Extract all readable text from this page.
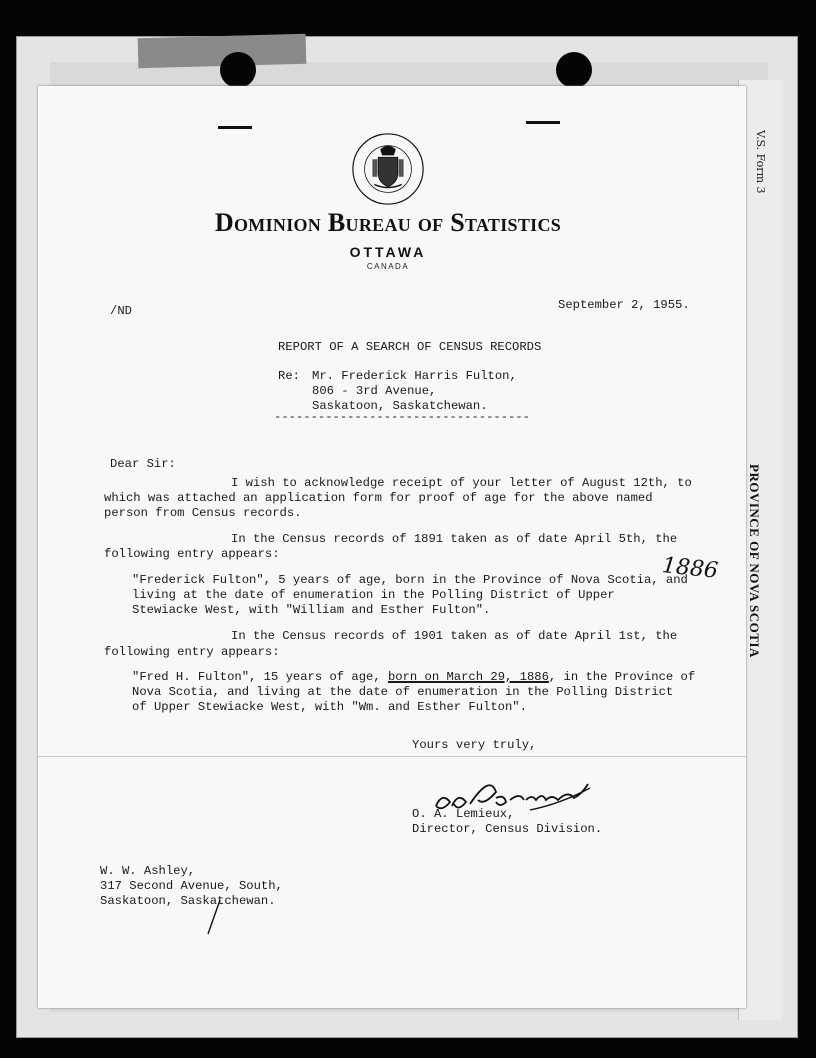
V.S. Form 3
PROVINCE OF NOVA SCOTIA
Dominion Bureau of Statistics
OTTAWA
CANADA
/ND	September 2, 1955.
REPORT OF A SEARCH OF CENSUS RECORDS
Re: Mr. Frederick Harris Fulton,
806 - 3rd Avenue,
Saskatoon, Saskatchewan.
-----------------------------------
Dear Sir:
I wish to acknowledge receipt of your letter of August 12th, to
which was attached an application form for proof of age for the above named
person from Census records.
In the Census records of 1891 taken as of date April 5th, the
following entry appears:
"Frederick Fulton", 5 years of age, born in the Province of Nova Scotia, and
living at the date of enumeration in the Polling District of Upper
Stewiacke West, with "William and Esther Fulton".
1886
In the Census records of 1901 taken as of date April 1st, the
following entry appears:
"Fred H. Fulton", 15 years of age, born on March 29, 1886, in the Province of
Nova Scotia, and living at the date of enumeration in the Polling District
of Upper Stewiacke West, with "Wm. and Esther Fulton".
Yours very truly,
O. A. Lemieux,
Director, Census Division.
W. W. Ashley,
317 Second Avenue, South,
Saskatoon, Saskatchewan.
